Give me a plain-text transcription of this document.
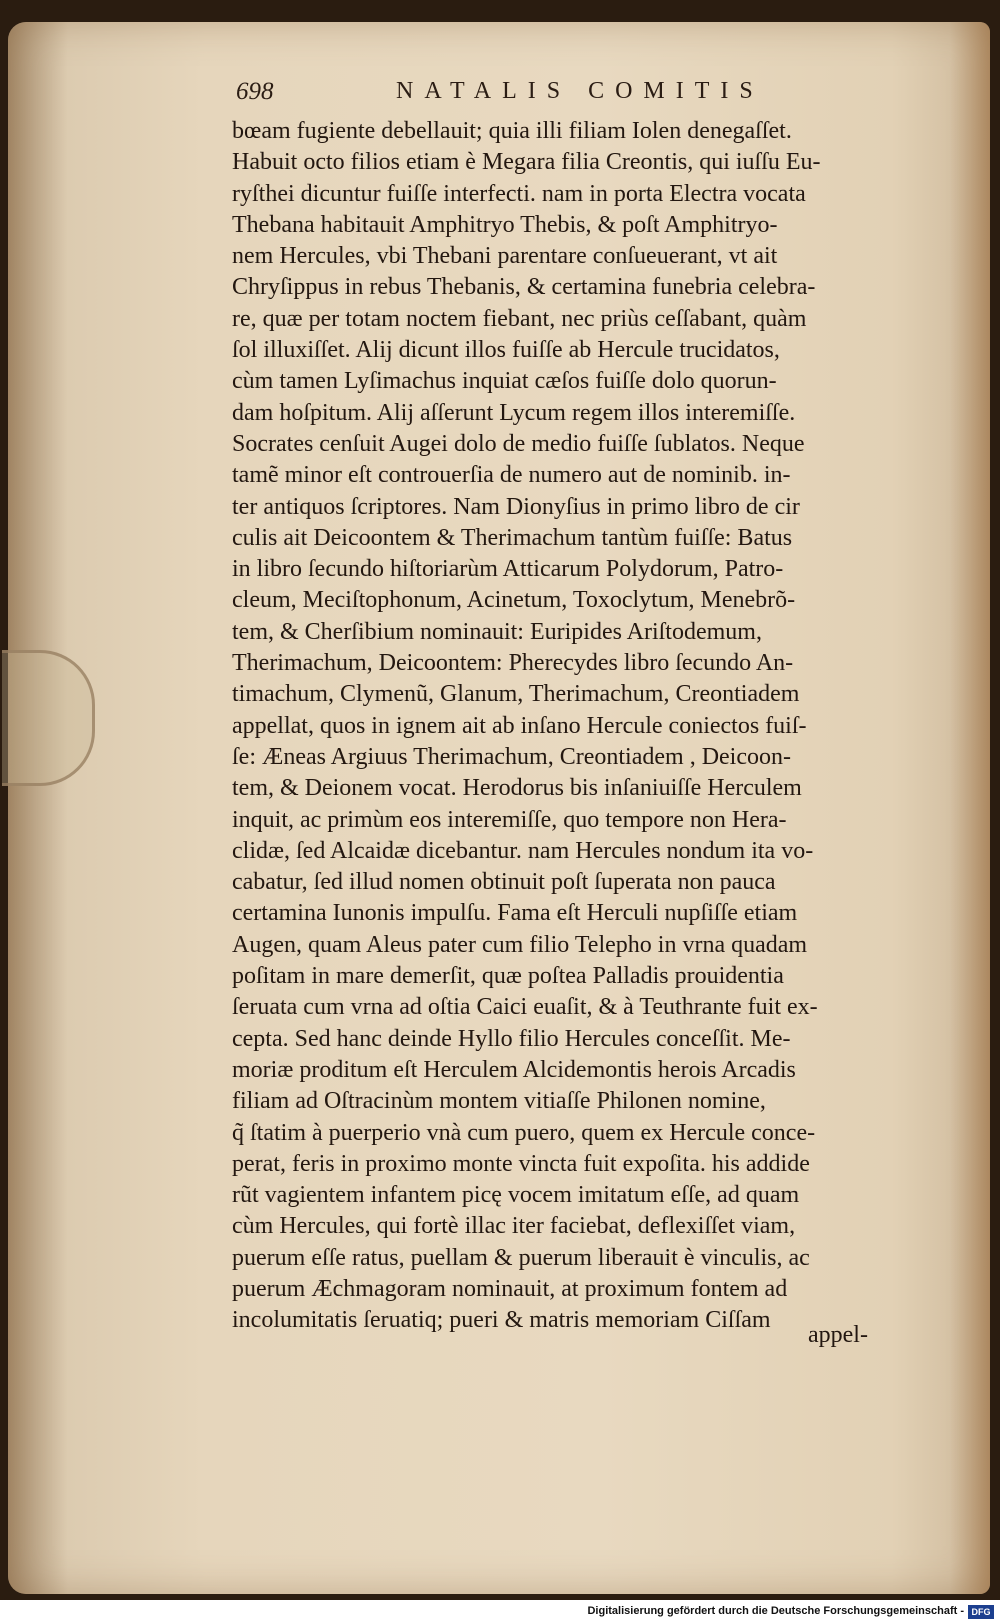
698	NATALIS COMITIS
bœam fugiente debellauit; quia illi filiam Iolen denegaſſet.
Habuit octo filios etiam è Megara filia Creontis, qui iuſſu Eu-
ryſthei dicuntur fuiſſe interfecti. nam in porta Electra vocata
Thebana habitauit Amphitryo Thebis, & poſt Amphitryo-
nem Hercules, vbi Thebani parentare conſueuerant, vt ait
Chryſippus in rebus Thebanis, & certamina funebria celebra-
re, quæ per totam noctem fiebant, nec priùs ceſſabant, quàm
ſol illuxiſſet. Alij dicunt illos fuiſſe ab Hercule trucidatos,
cùm tamen Lyſimachus inquiat cæſos fuiſſe dolo quorun-
dam hoſpitum. Alij aſſerunt Lycum regem illos interemiſſe.
Socrates cenſuit Augei dolo de medio fuiſſe ſublatos. Neque
tamẽ minor eſt controuerſia de numero aut de nominib. in-
ter antiquos ſcriptores. Nam Dionyſius in primo libro de cir
culis ait Deicoontem & Therimachum tantùm fuiſſe: Batus
in libro ſecundo hiſtoriarùm Atticarum Polydorum, Patro-
cleum, Meciſtophonum, Acinetum, Toxoclytum, Menebrõ-
tem, & Cherſibium nominauit: Euripides Ariſtodemum,
Therimachum, Deicoontem: Pherecydes libro ſecundo An-
timachum, Clymenũ, Glanum, Therimachum, Creontiadem
appellat, quos in ignem ait ab inſano Hercule coniectos fuiſ-
ſe: Æneas Argiuus Therimachum, Creontiadem , Deicoon-
tem, & Deionem vocat. Herodorus bis inſaniuiſſe Herculem
inquit, ac primùm eos interemiſſe, quo tempore non Hera-
clidæ, ſed Alcaidæ dicebantur. nam Hercules nondum ita vo-
cabatur, ſed illud nomen obtinuit poſt ſuperata non pauca
certamina Iunonis impulſu. Fama eſt Herculi nupſiſſe etiam
Augen, quam Aleus pater cum filio Telepho in vrna quadam
poſitam in mare demerſit, quæ poſtea Palladis prouidentia
ſeruata cum vrna ad oſtia Caici euaſit, & à Teuthrante fuit ex-
cepta. Sed hanc deinde Hyllo filio Hercules conceſſit. Me-
moriæ proditum eſt Herculem Alcidemontis herois Arcadis
filiam ad Oſtracinùm montem vitiaſſe Philonen nomine,
q̃ ſtatim à puerperio vnà cum puero, quem ex Hercule conce-
perat, feris in proximo monte vincta fuit expoſita. his addide
rũt vagientem infantem picę vocem imitatum eſſe, ad quam
cùm Hercules, qui fortè illac iter faciebat, deflexiſſet viam,
puerum eſſe ratus, puellam & puerum liberauit è vinculis, ac
puerum Æchmagoram nominauit, at proximum fontem ad
incolumitatis ſeruatiq; pueri & matris memoriam Ciſſam
appel-
Digitalisierung gefördert durch die Deutsche Forschungsgemeinschaft - DFG
